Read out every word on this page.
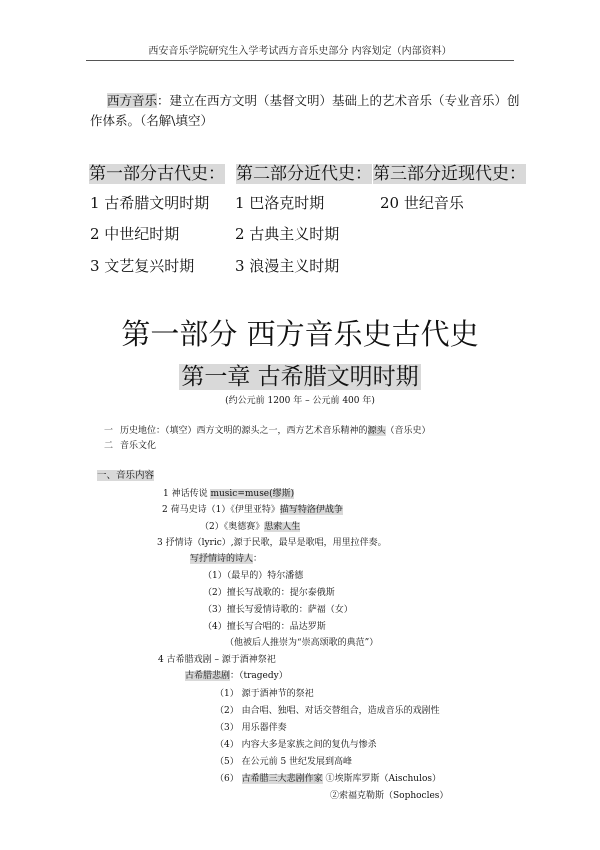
西安音乐学院研究生入学考试西方音乐史部分 内容划定（内部资料）
西方音乐：建立在西方文明（基督文明）基础上的艺术音乐（专业音乐）创
作体系。（名解\填空）
第一部分古代史： 第二部分近代史： 第三部分近现代史：
1 古希腊文明时期
2 中世纪时期
3 文艺复兴时期
1 巴洛克时期
2 古典主义时期
3 浪漫主义时期
20 世纪音乐
第一部分 西方音乐史古代史
第一章 古希腊文明时期
(约公元前 1200 年 – 公元前 400 年)
一 历史地位：（填空）西方文明的源头之一，西方艺术音乐精神的源头（音乐史）
二 音乐文化
一、音乐内容
1 神话传说 music=muse(缪斯)
2 荷马史诗（1）《伊里亚特》描写特洛伊战争
（2）《奥德赛》思索人生
3 抒情诗（lyric）,源于民歌，最早是歌唱，用里拉伴奏。
写抒情诗的诗人：
（1）（最早的）特尔潘德
（2）擅长写战歌的：提尔泰俄斯
（3）擅长写爱情诗歌的：萨福（女）
（4）擅长写合唱的：品达罗斯
（他被后人推崇为“崇高颂歌的典范”）
4 古希腊戏剧 – 源于酒神祭祀
古希腊悲剧：（tragedy）
（1） 源于酒神节的祭祀
（2） 由合唱、独唱、对话交替组合，造成音乐的戏剧性
（3） 用乐器伴奏
（4） 内容大多是家族之间的复仇与惨杀
（5） 在公元前 5 世纪发展到高峰
（6） 古希腊三大悲剧作家 ①埃斯库罗斯（Aischulos）
②索福克勒斯（Sophocles）
